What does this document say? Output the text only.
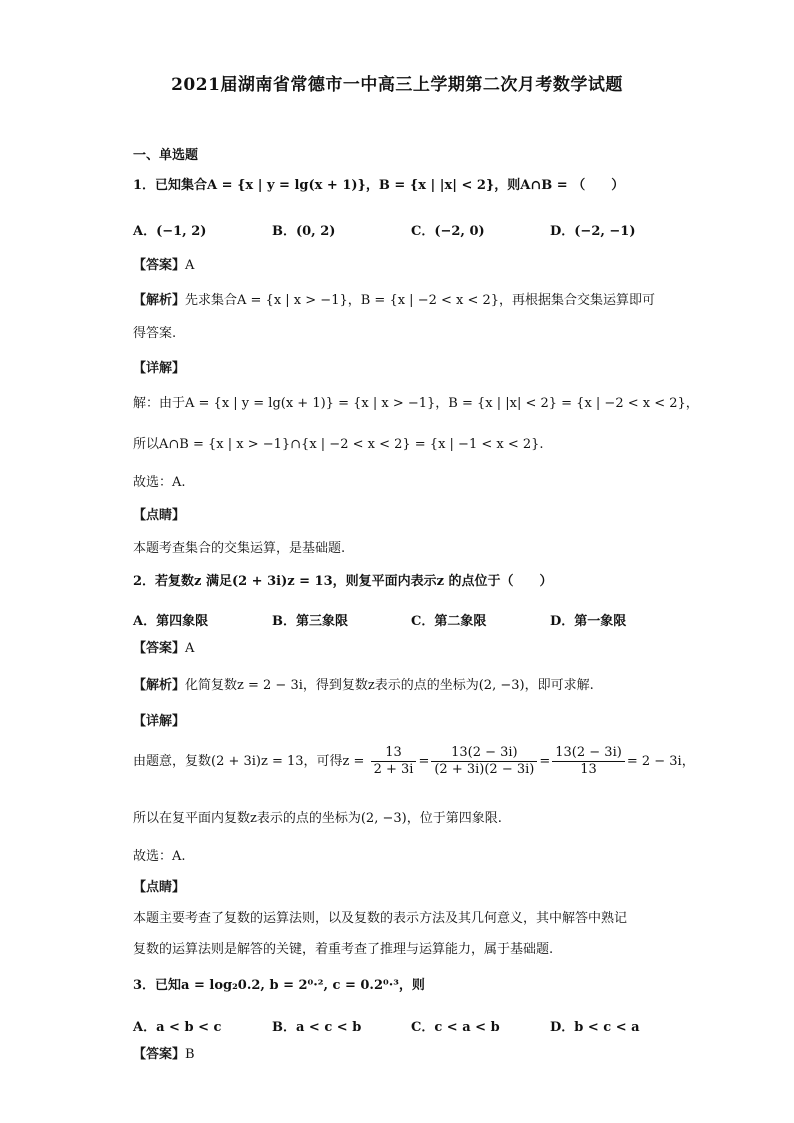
2021届湖南省常德市一中高三上学期第二次月考数学试题
一、单选题
1．已知集合A = {x | y = lg(x + 1)}，B = {x | |x| < 2}，则A∩B = （　　）
A．(−1, 2)	B．(0, 2)	C．(−2, 0)	D．(−2, −1)
【答案】A
【解析】先求集合A = {x | x > −1}，B = {x | −2 < x < 2}，再根据集合交集运算即可
得答案.
【详解】
解：由于A = {x | y = lg(x + 1)} = {x | x > −1}，B = {x | |x| < 2} = {x | −2 < x < 2}，
所以A∩B = {x | x > −1}∩{x | −2 < x < 2} = {x | −1 < x < 2}.
故选：A.
【点睛】
本题考查集合的交集运算，是基础题.
2．若复数z 满足(2 + 3i)z = 13，则复平面内表示z 的点位于（　　）
A．第四象限	B．第三象限	C．第二象限	D．第一象限
【答案】A
【解析】化简复数z = 2 − 3i，得到复数z表示的点的坐标为(2, −3)，即可求解.
【详解】
由题意，复数(2 + 3i)z = 13，可得$z = \frac{13}{2 + 3i} = \frac{13(2 - 3i)}{(2 + 3i)(2 - 3i)} = \frac{13(2 - 3i)}{13} = 2 - 3i$，
所以在复平面内复数z表示的点的坐标为(2, −3)，位于第四象限.
故选：A.
【点睛】
本题主要考查了复数的运算法则，以及复数的表示方法及其几何意义，其中解答中熟记
复数的运算法则是解答的关键，着重考查了推理与运算能力，属于基础题.
3．已知a = log₂0.2, b = 2⁰·², c = 0.2⁰·³，则
A．a < b < c	B．a < c < b	C．c < a < b	D．b < c < a
【答案】B
